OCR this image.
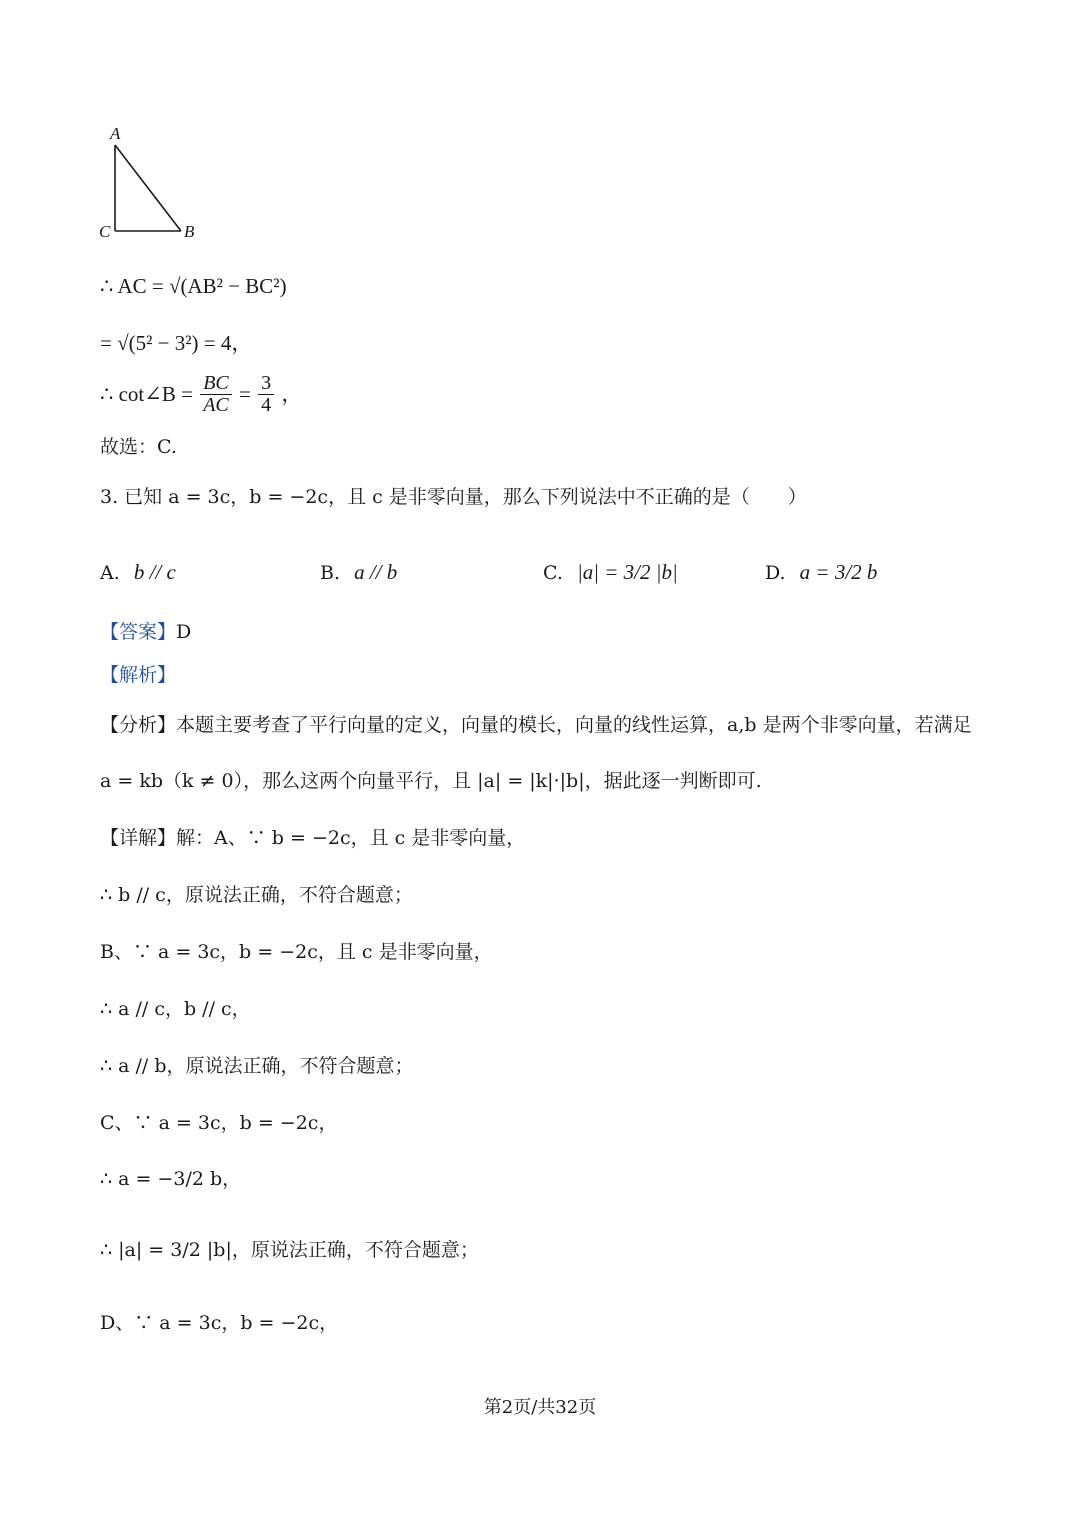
A
C	B
∴ AC = √(AB² − BC²)
= √(5² − 3²) = 4，
∴ cot∠B = $\frac{BC}{AC} = \frac{3}{4}$ ，
故选：C.
3. 已知 a = 3c，b = −2c，且 c 是非零向量，那么下列说法中不正确的是（　　）
A. b // c	B. a // b	C. |a| = 3/2 |b|	D. a = 3/2 b
【答案】D
【解析】
【分析】本题主要考查了平行向量的定义，向量的模长，向量的线性运算，a,b 是两个非零向量，若满足
a = kb（k ≠ 0），那么这两个向量平行，且 |a| = |k|·|b|，据此逐一判断即可.
【详解】解：A、∵ b = −2c，且 c 是非零向量，
∴ b // c，原说法正确，不符合题意；
B、∵ a = 3c，b = −2c，且 c 是非零向量，
∴ a // c，b // c，
∴ a // b，原说法正确，不符合题意；
C、∵ a = 3c，b = −2c，
∴ a = −3/2 b，
∴ |a| = 3/2 |b|，原说法正确，不符合题意；
D、∵ a = 3c，b = −2c，
第2页/共32页
